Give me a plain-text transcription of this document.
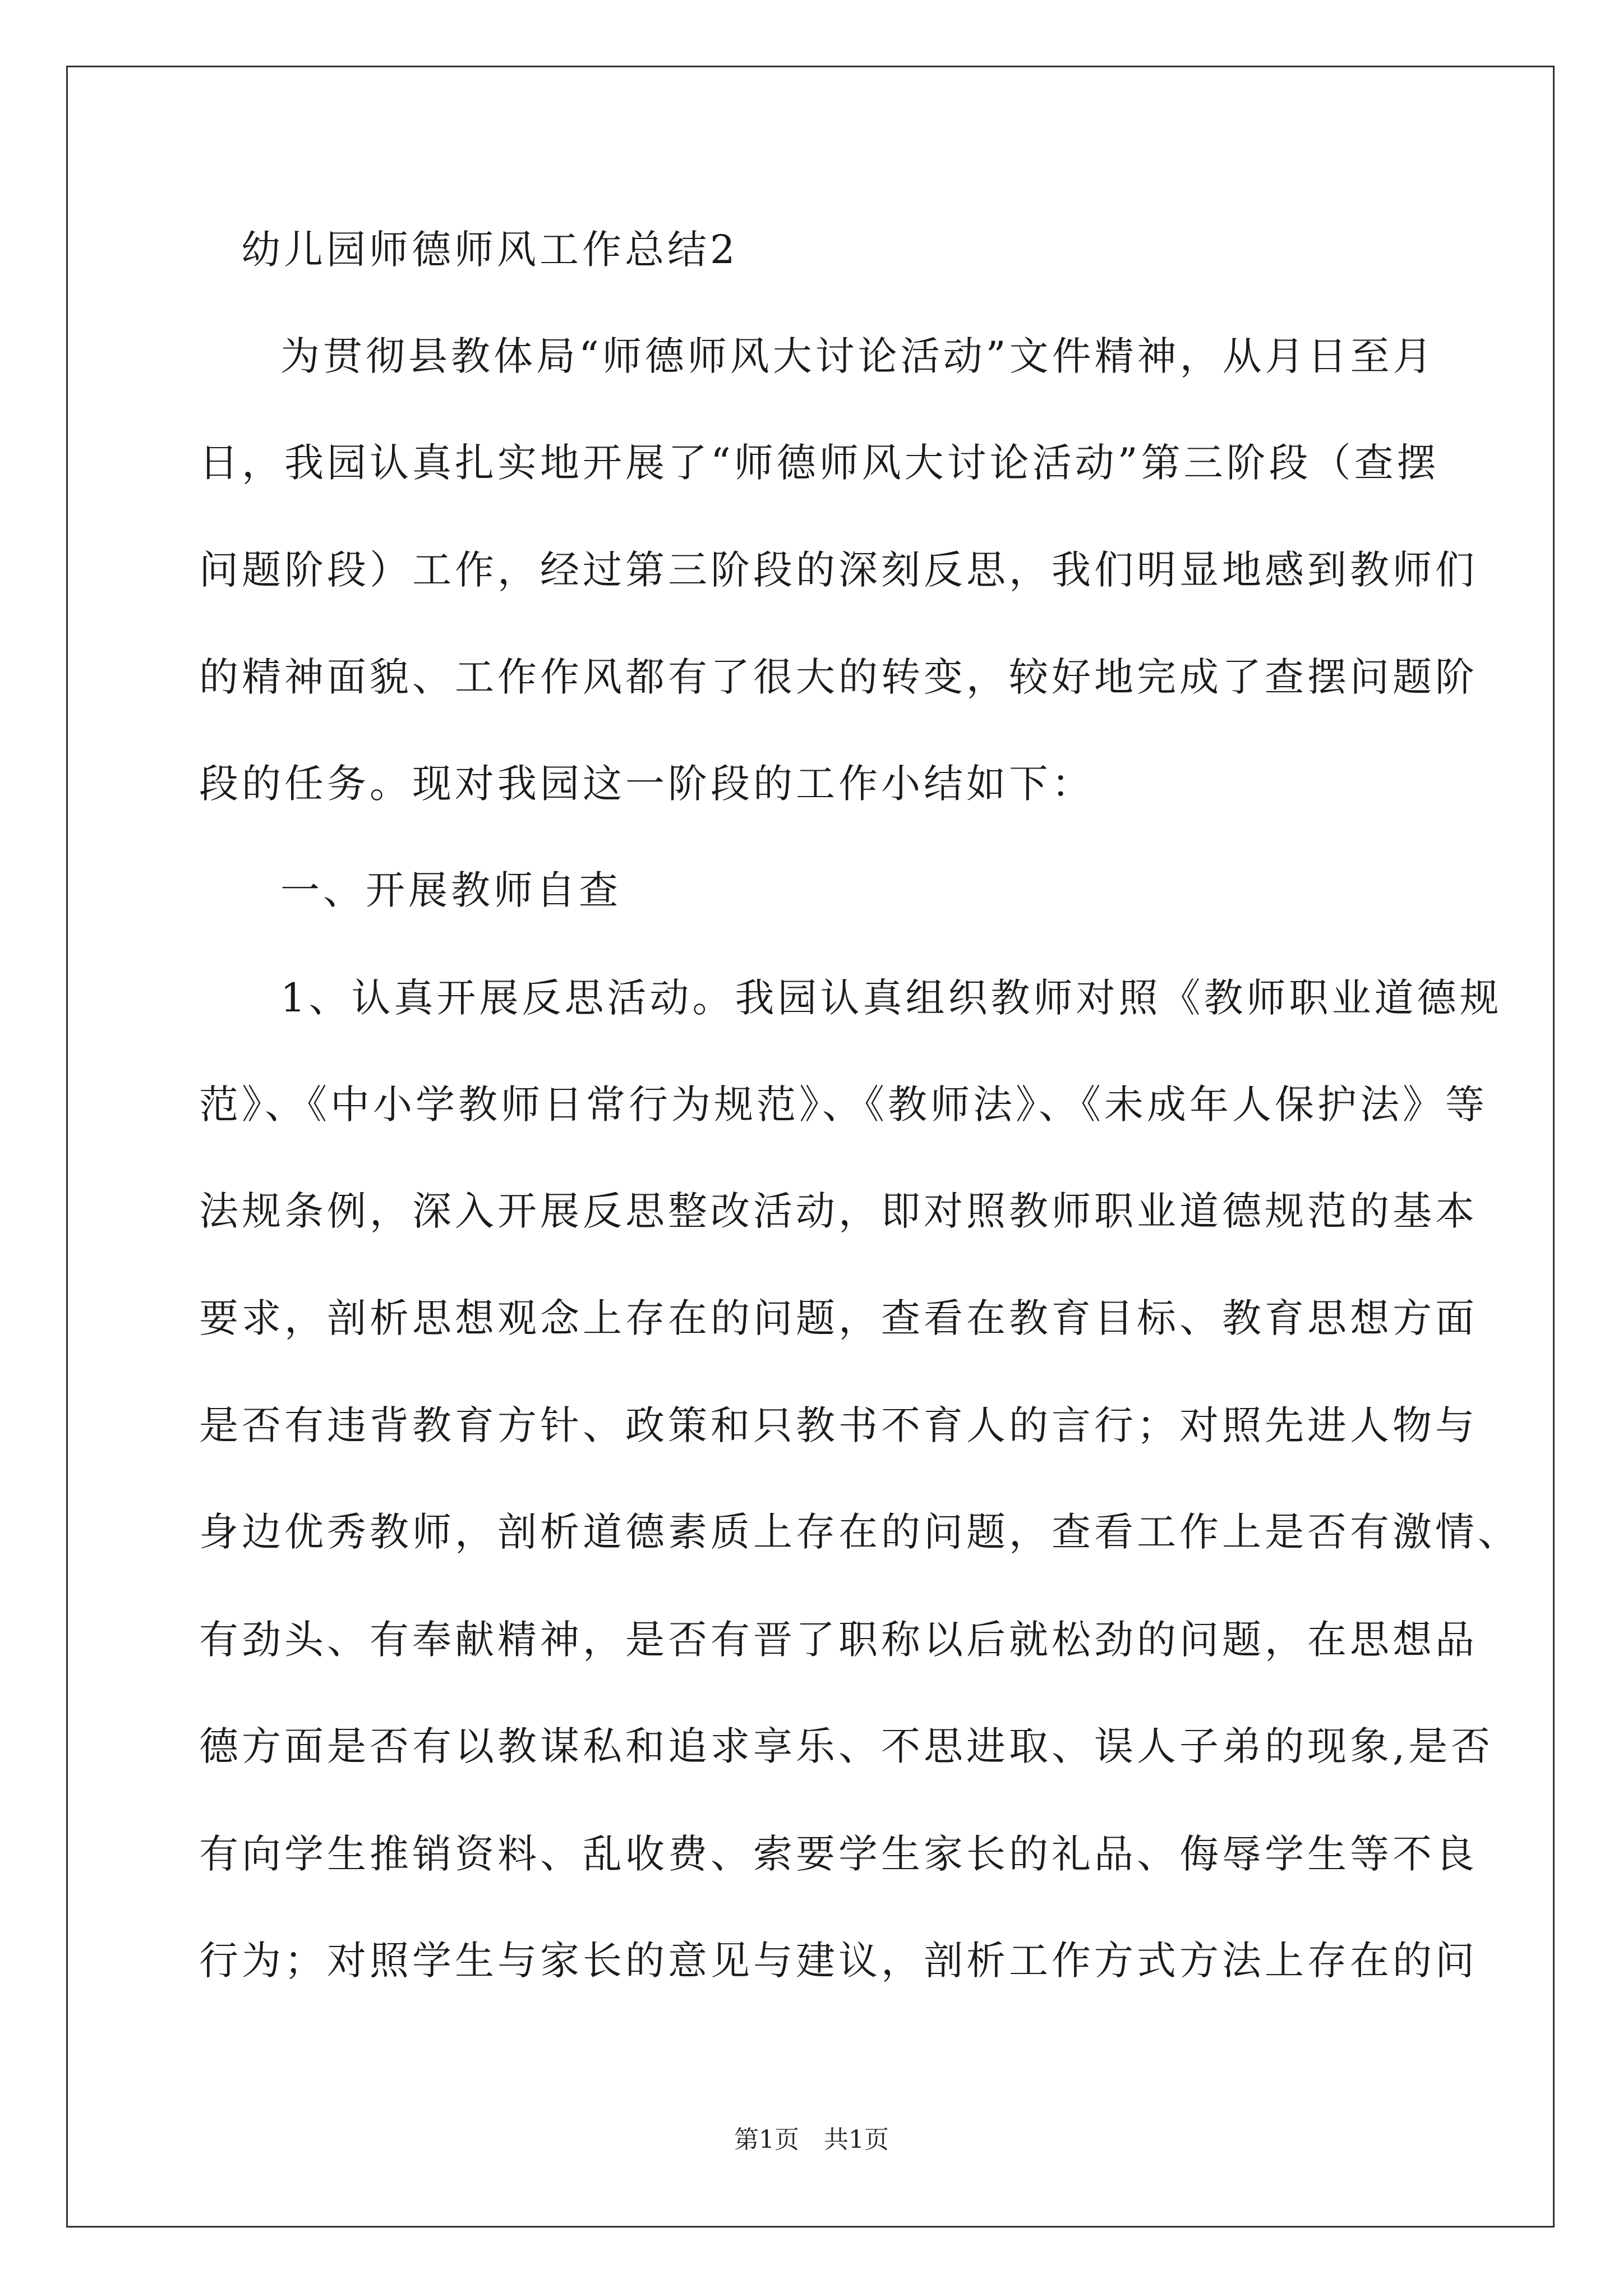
幼儿园师德师风工作总结2
为贯彻县教体局“师德师风大讨论活动”文件精神，从月日至月
日，我园认真扎实地开展了“师德师风大讨论活动”第三阶段（查摆
问题阶段）工作，经过第三阶段的深刻反思，我们明显地感到教师们
的精神面貌、工作作风都有了很大的转变，较好地完成了查摆问题阶
段的任务。现对我园这一阶段的工作小结如下：
一、开展教师自查
1、认真开展反思活动。我园认真组织教师对照《教师职业道德规
范》、《中小学教师日常行为规范》、《教师法》、《未成年人保护法》等
法规条例，深入开展反思整改活动，即对照教师职业道德规范的基本
要求，剖析思想观念上存在的问题，查看在教育目标、教育思想方面
是否有违背教育方针、政策和只教书不育人的言行；对照先进人物与
身边优秀教师，剖析道德素质上存在的问题，查看工作上是否有激情、
有劲头、有奉献精神，是否有晋了职称以后就松劲的问题，在思想品
德方面是否有以教谋私和追求享乐、不思进取、误人子弟的现象,是否
有向学生推销资料、乱收费、索要学生家长的礼品、侮辱学生等不良
行为；对照学生与家长的意见与建议，剖析工作方式方法上存在的问
第1页　共1页
